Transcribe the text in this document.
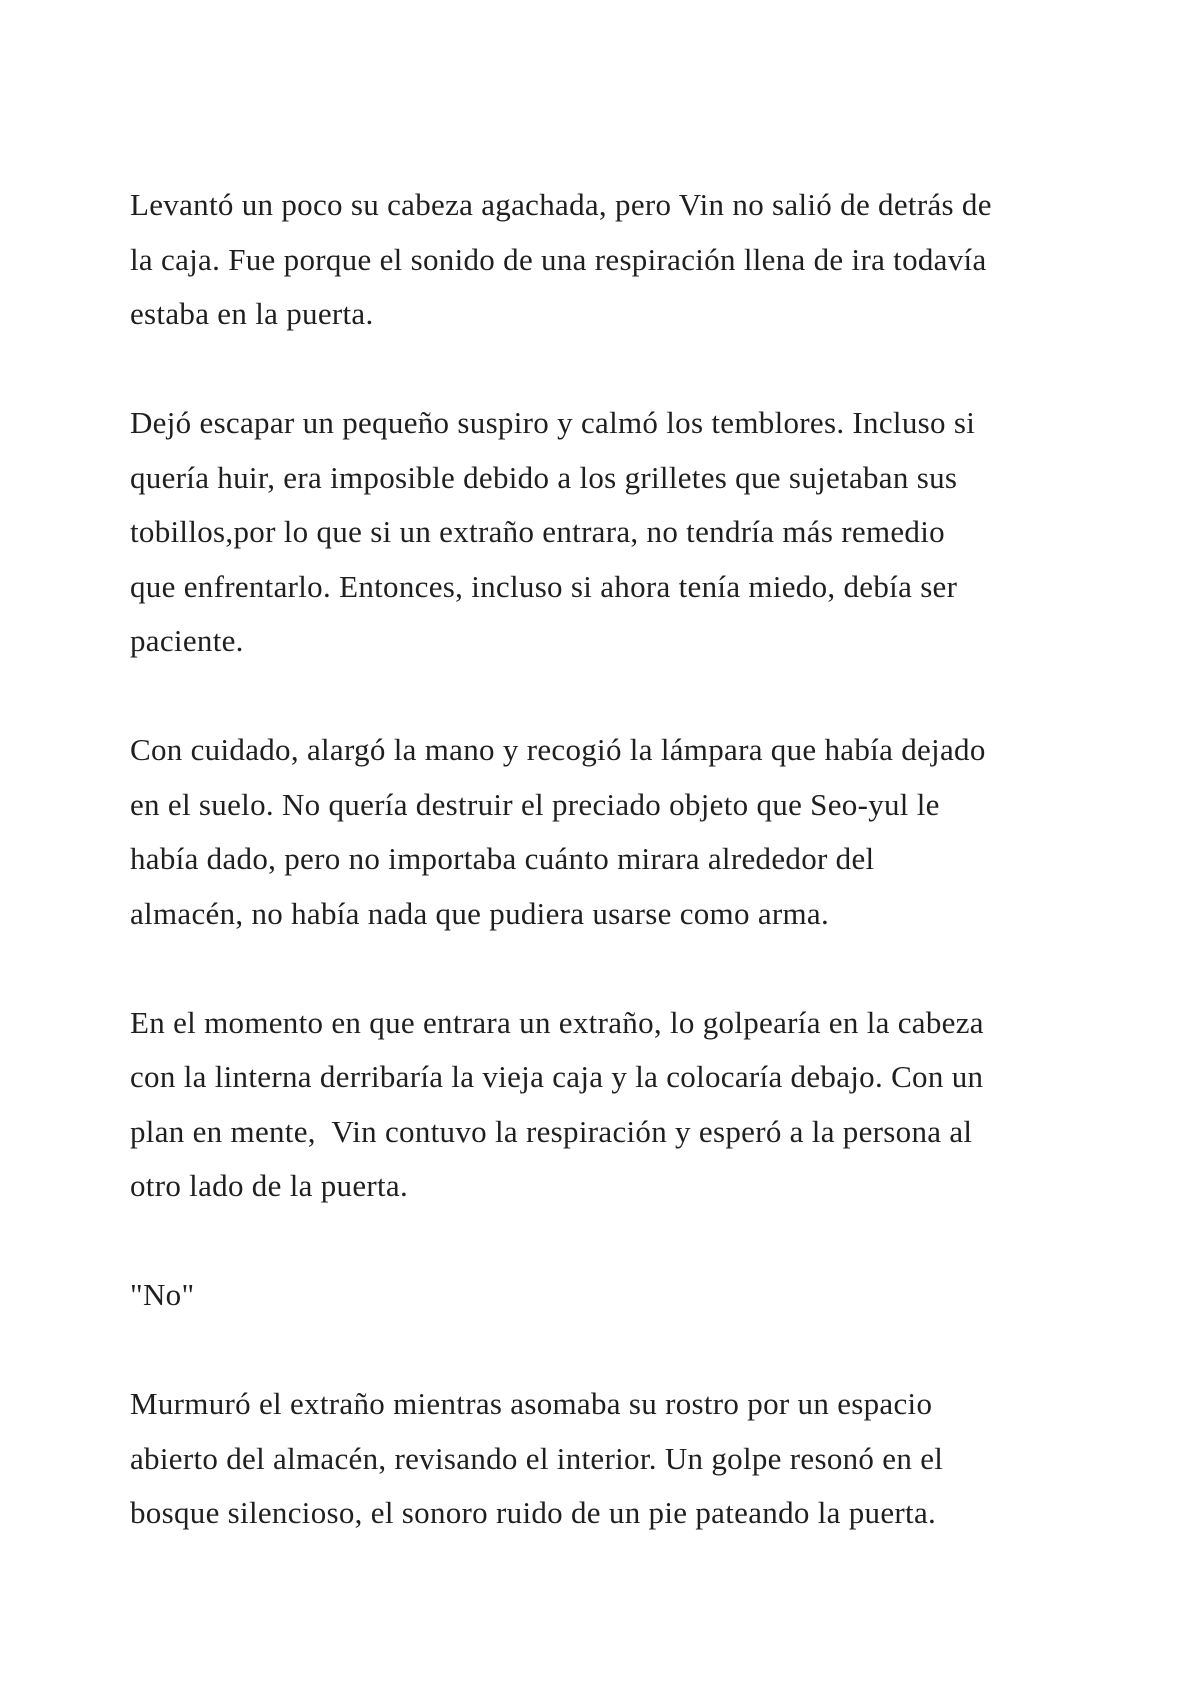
Levantó un poco su cabeza agachada, pero Vin no salió de detrás de
la caja. Fue porque el sonido de una respiración llena de ira todavía
estaba en la puerta.

Dejó escapar un pequeño suspiro y calmó los temblores. Incluso si
quería huir, era imposible debido a los grilletes que sujetaban sus
tobillos,por lo que si un extraño entrara, no tendría más remedio
que enfrentarlo. Entonces, incluso si ahora tenía miedo, debía ser
paciente.

Con cuidado, alargó la mano y recogió la lámpara que había dejado
en el suelo. No quería destruir el preciado objeto que Seo-yul le
había dado, pero no importaba cuánto mirara alrededor del
almacén, no había nada que pudiera usarse como arma.

En el momento en que entrara un extraño, lo golpearía en la cabeza
con la linterna derribaría la vieja caja y la colocaría debajo. Con un
plan en mente,  Vin contuvo la respiración y esperó a la persona al
otro lado de la puerta.

"No"

Murmuró el extraño mientras asomaba su rostro por un espacio
abierto del almacén, revisando el interior. Un golpe resonó en el
bosque silencioso, el sonoro ruido de un pie pateando la puerta.
